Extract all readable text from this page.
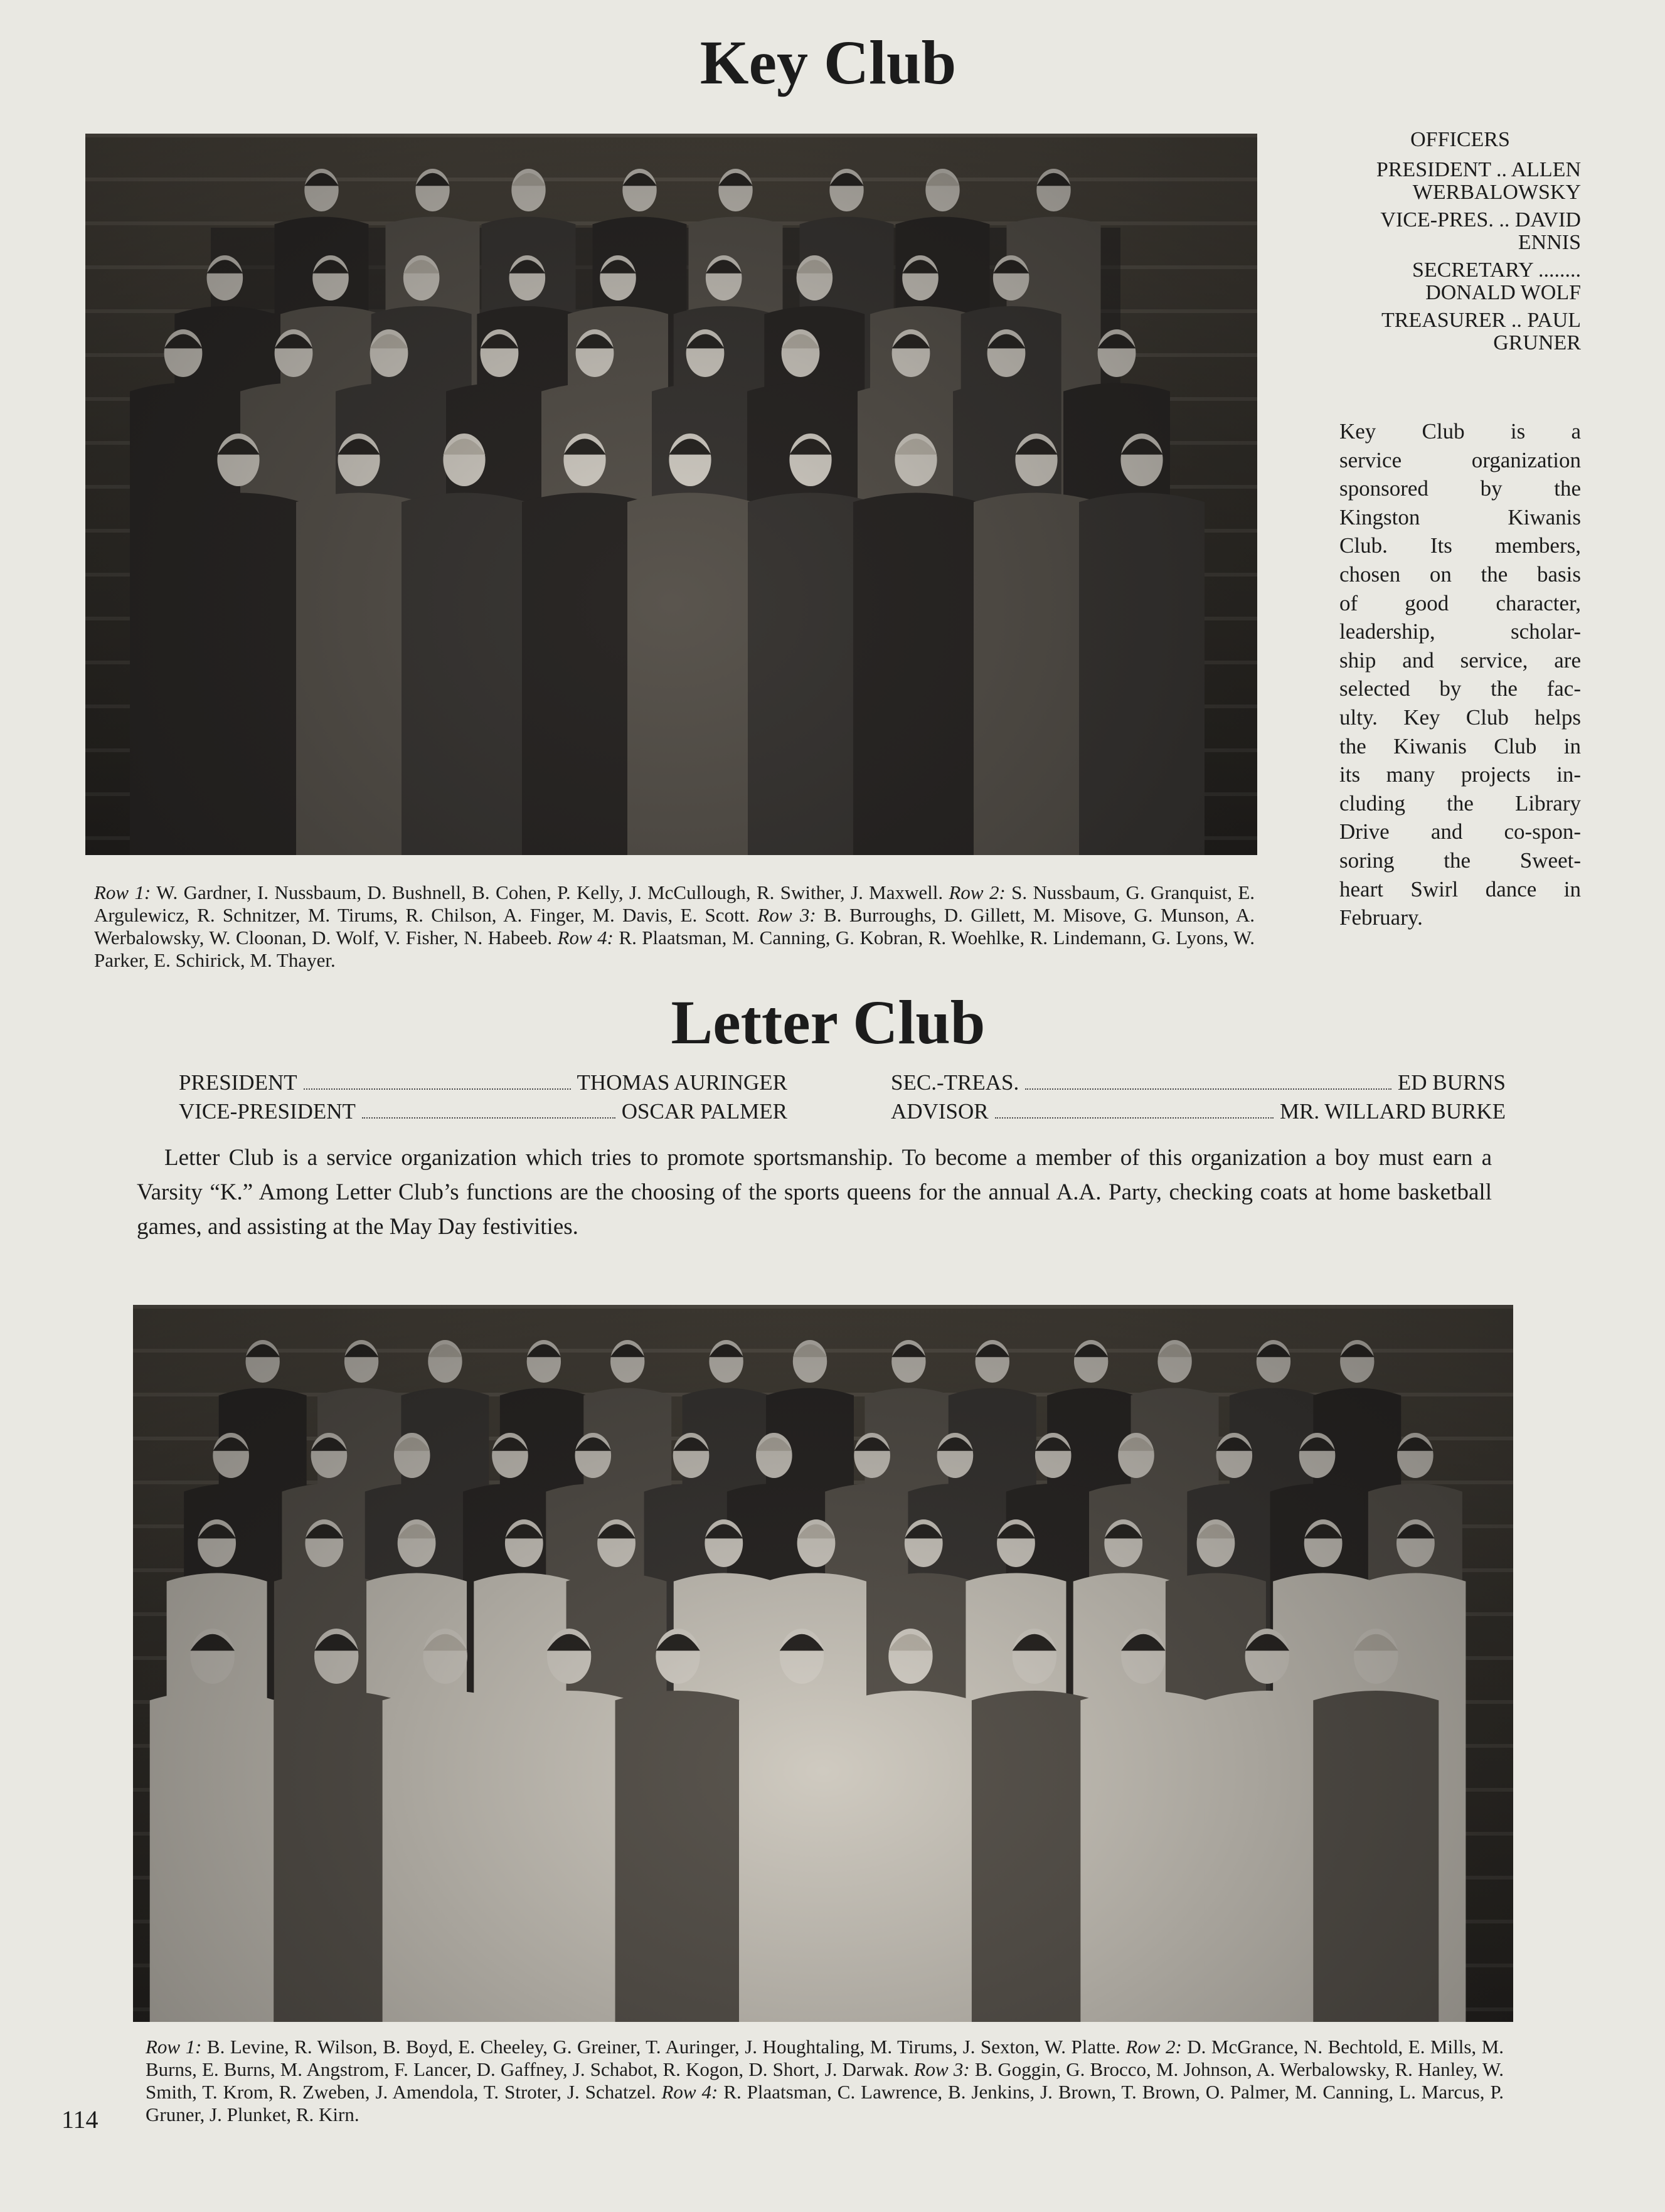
Key Club
Row 1: W. Gardner, I. Nussbaum, D. Bushnell, B. Cohen, P. Kelly, J. McCullough, R. Swither, J. Maxwell. Row 2: S. Nussbaum, G. Granquist, E. Argulewicz, R. Schnitzer, M. Tirums, R. Chilson, A. Finger, M. Davis, E. Scott. Row 3: B. Burroughs, D. Gillett, M. Misove, G. Munson, A. Werbalowsky, W. Cloonan, D. Wolf, V. Fisher, N. Habeeb. Row 4: R. Plaatsman, M. Canning, G. Kobran, R. Woehlke, R. Lindemann, G. Lyons, W. Parker, E. Schirick, M. Thayer.
OFFICERS
PRESIDENT .. ALLEN
WERBALOWSKY
VICE-PRES. .. DAVID
ENNIS
SECRETARY ........
DONALD WOLF
TREASURER .. PAUL
GRUNER
Key Club is a
service organization
sponsored by the
Kingston Kiwanis
Club. Its members,
chosen on the basis
of good character,
leadership, scholar-
ship and service, are
selected by the fac-
ulty. Key Club helps
the Kiwanis Club in
its many projects in-
cluding the Library
Drive and co-spon-
soring the Sweet-
heart Swirl dance in
February.
Letter Club
PRESIDENT	THOMAS AURINGER
VICE-PRESIDENT	OSCAR PALMER
SEC.-TREAS.	ED BURNS
ADVISOR	MR. WILLARD BURKE
Letter Club is a service organization which tries to promote sportsmanship. To become a member of this organization a boy must earn a Varsity “K.” Among Letter Club’s functions are the choosing of the sports queens for the annual A.A. Party, checking coats at home basketball games, and assisting at the May Day festivities.
Row 1: B. Levine, R. Wilson, B. Boyd, E. Cheeley, G. Greiner, T. Auringer, J. Houghtaling, M. Tirums, J. Sexton, W. Platte. Row 2: D. McGrance, N. Bechtold, E. Mills, M. Burns, E. Burns, M. Angstrom, F. Lancer, D. Gaffney, J. Schabot, R. Kogon, D. Short, J. Darwak. Row 3: B. Goggin, G. Brocco, M. Johnson, A. Werbalowsky, R. Hanley, W. Smith, T. Krom, R. Zweben, J. Amendola, T. Stroter, J. Schatzel. Row 4: R. Plaatsman, C. Lawrence, B. Jenkins, J. Brown, T. Brown, O. Palmer, M. Canning, L. Marcus, P. Gruner, J. Plunket, R. Kirn.
114
